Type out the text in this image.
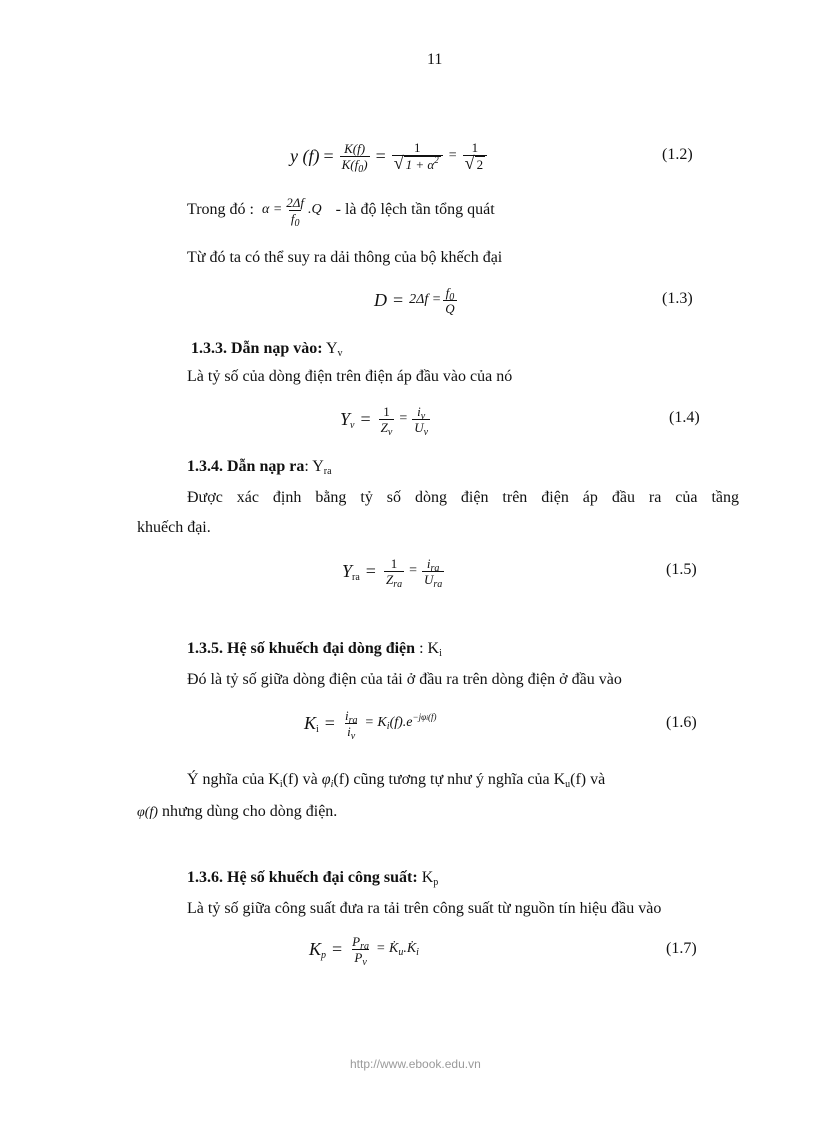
11
y $(f) = \frac{K(f)}{K(f_0)} = \frac{1}{√ 1 + \alpha^2} = \frac{1}{√ 2}$	(1.2)
Trong đó : $\alpha = \frac{2\Delta f}{f_0} .Q$ - là độ lệch tần tổng quát
Từ đó ta có thể suy ra dải thông của bộ khếch đại
$D = 2\Delta f = \frac{f_0}{Q}$	(1.3)
1.3.3. Dẫn nạp vào: $Y_v$
Là tỷ số của dòng điện trên điện áp đầu vào của nó
$Y_v = \frac{1}{Z_v} = \frac{i_v}{U_v}$	(1.4)
1.3.4. Dẫn nạp ra: $Y_{ra}$
Được xác định bằng tỷ số dòng điện trên điện áp đầu ra của tầng
khuếch đại.
$Y_{ra} = \frac{1}{Z_{ra}} = \frac{i_{ra}}{U_{ra}}$	(1.5)
1.3.5. Hệ số khuếch đại dòng điện : $K_i$
Đó là tỷ số giữa dòng điện của tải ở đầu ra trên dòng điện ở đầu vào
$K_i = \frac{i_{ra}}{i_v} = K_i(f).e^{-j\varphi i(f)}$	(1.6)
Ý nghĩa của $K_i(f)$ và $\varphi_i(f)$ cũng tương tự như ý nghĩa của $K_u(f)$ và
φ(f) nhưng dùng cho dòng điện.
1.3.6. Hệ số khuếch đại công suất: $K_p$
Là tỷ số giữa công suất đưa ra tải trên công suất từ nguồn tín hiệu đầu vào
$K_p = \frac{P_{ra}}{P_v}$ = $K̇_u.K̇_i$	(1.7)
http://www.ebook.edu.vn
